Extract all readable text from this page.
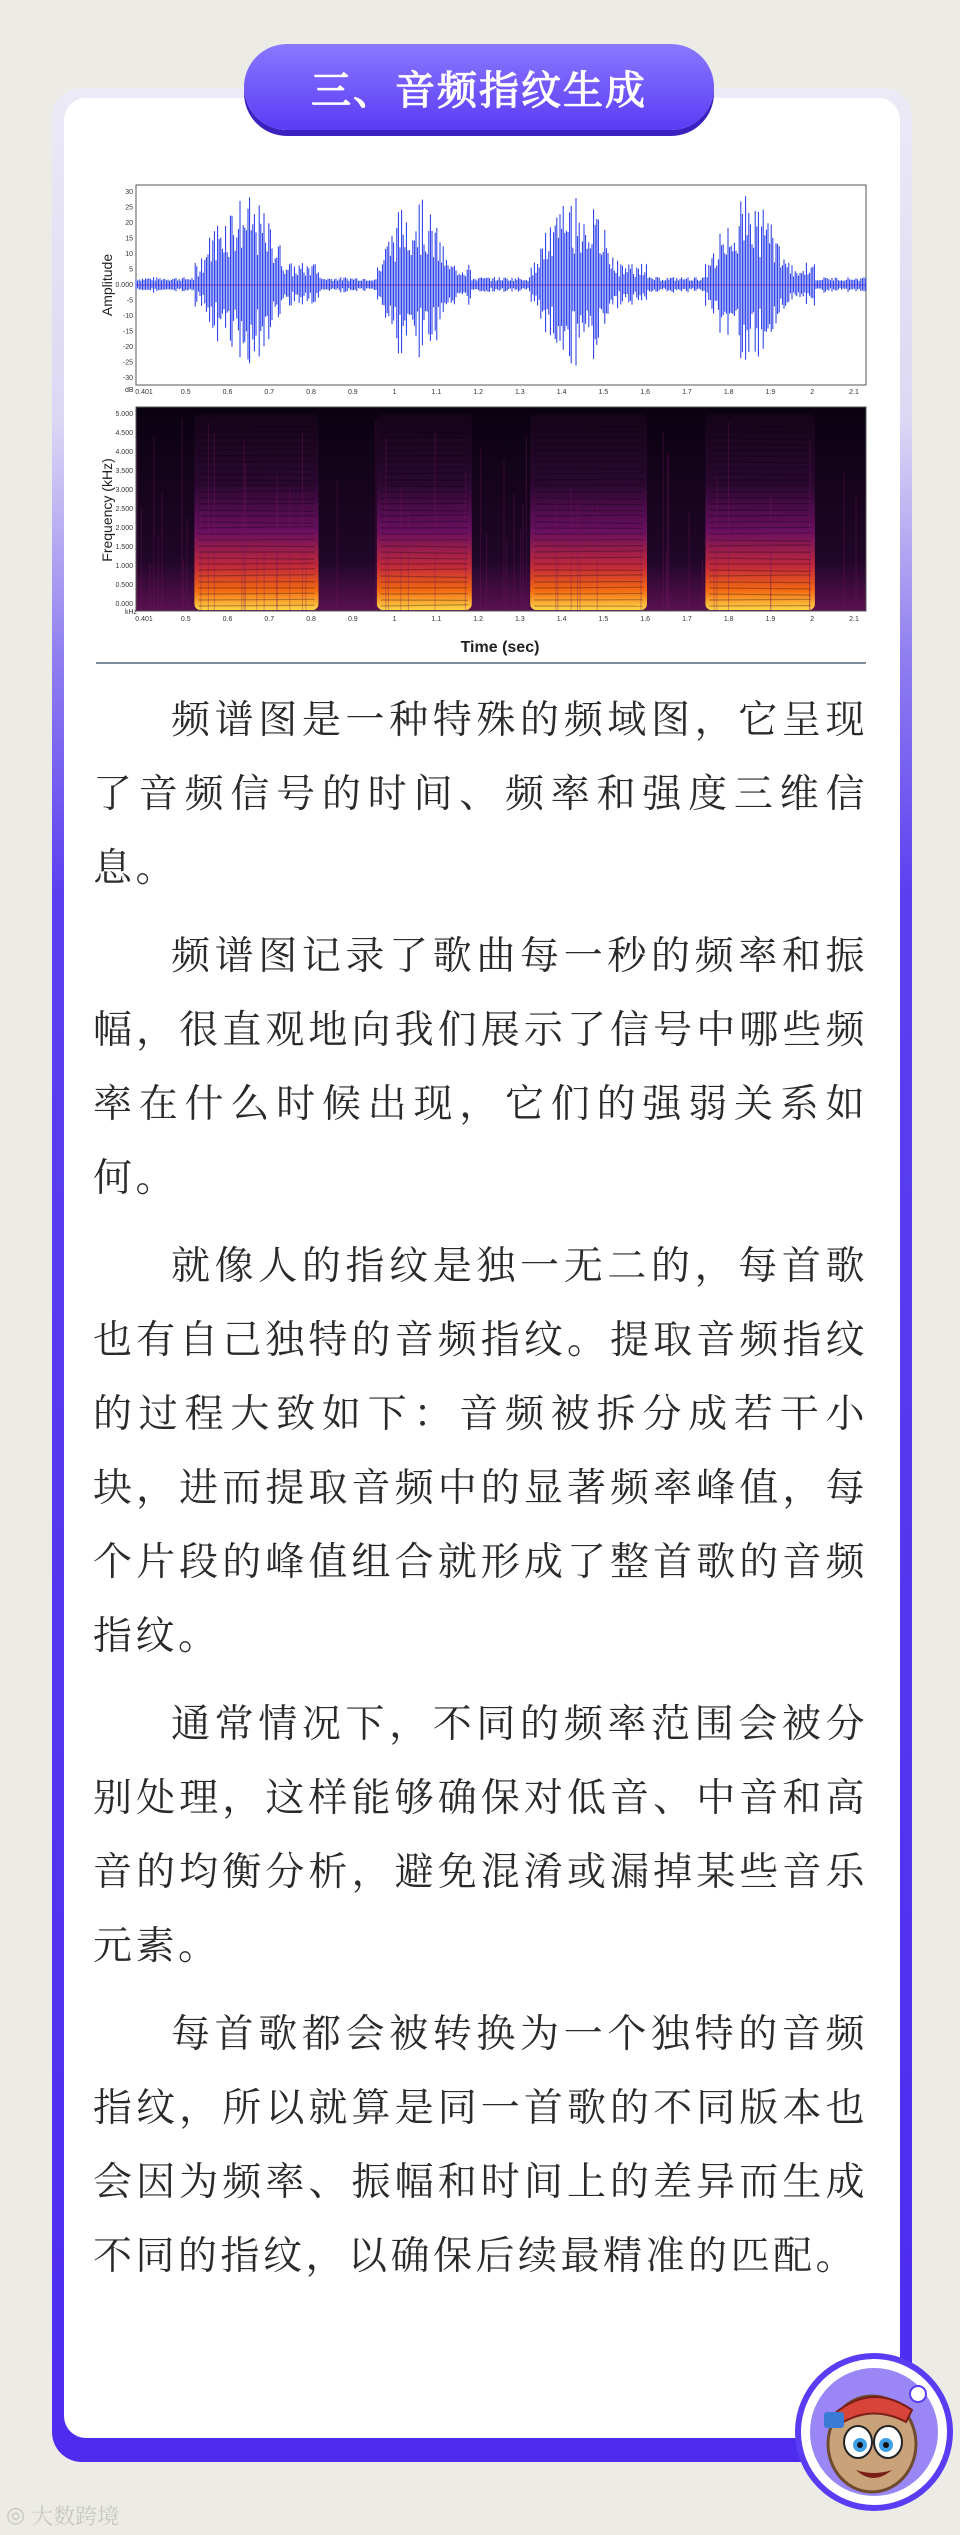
三、音频指纹生成
30
25
20
15
10
5
0.000
-5
-10
-15
-20
-25
-30
Amplitude
dB 0.401	0.5	0.6	0.7	0.8	0.9	1	1.1	1.2	1.3	1.4	1.5	1.6	1.7	1.8	1.9	2	2.1
5.000
4.500
4.000
3.500
3.000
2.500
2.000
1.500
1.000
0.500
0.000
Frequency (kHz)
kHz
0.401	0.5	0.6	0.7	0.8	0.9	1	1.1	1.2	1.3	1.4	1.5	1.6	1.7	1.8	1.9	2	2.1
Time (sec)

频谱图是一种特殊的频域图，它呈现了音频信号的时间、频率和强度三维信息。

频谱图记录了歌曲每一秒的频率和振幅，很直观地向我们展示了信号中哪些频率在什么时候出现，它们的强弱关系如何。

就像人的指纹是独一无二的，每首歌也有自己独特的音频指纹。提取音频指纹的过程大致如下：音频被拆分成若干小块，进而提取音频中的显著频率峰值，每个片段的峰值组合就形成了整首歌的音频指纹。

通常情况下，不同的频率范围会被分别处理，这样能够确保对低音、中音和高音的均衡分析，避免混淆或漏掉某些音乐元素。

每首歌都会被转换为一个独特的音频指纹，所以就算是同一首歌的不同版本也会因为频率、振幅和时间上的差异而生成不同的指纹，以确保后续最精准的匹配。

◎ 大数跨境
